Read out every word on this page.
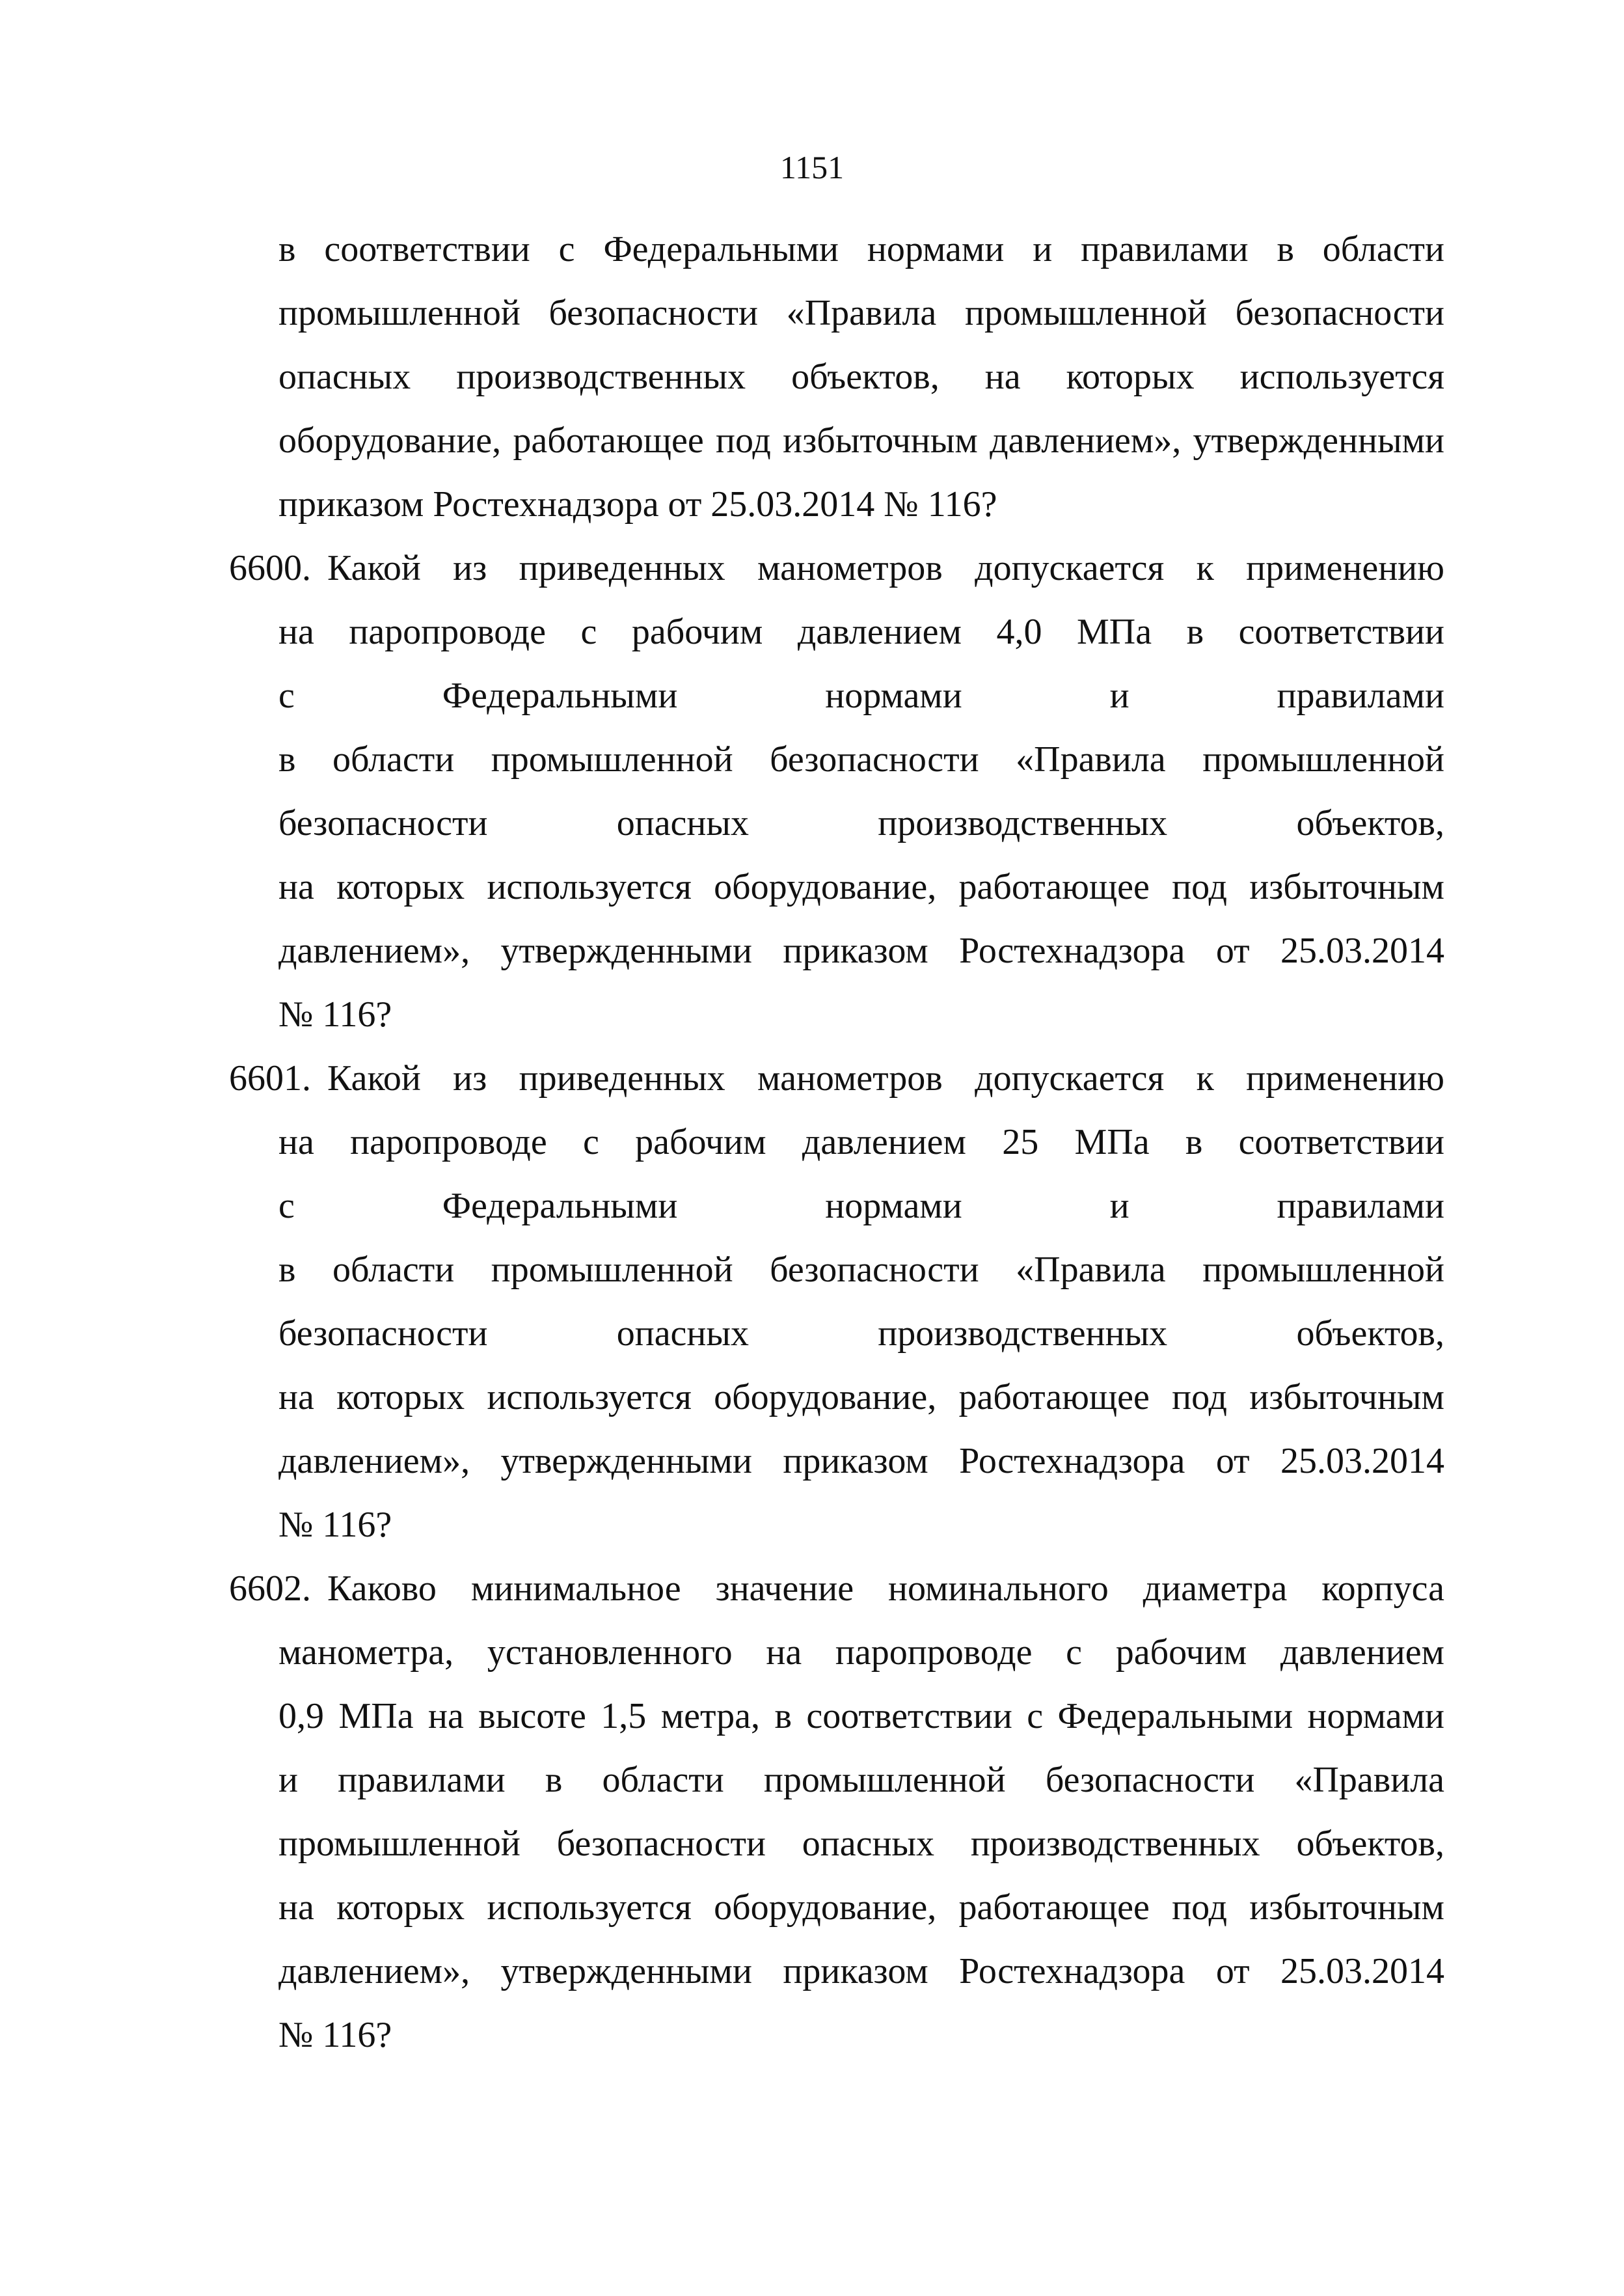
1151
в соответствии с Федеральными нормами и правилами в области
промышленной безопасности «Правила промышленной безопасности
опасных производственных объектов, на которых используется
оборудование, работающее под избыточным давлением», утвержденными
приказом Ростехнадзора от 25.03.2014 № 116?
6600. Какой из приведенных манометров допускается к применению
на паропроводе с рабочим давлением 4,0 МПа в соответствии
с Федеральными нормами и правилами
в области промышленной безопасности «Правила промышленной
безопасности опасных производственных объектов,
на которых используется оборудование, работающее под избыточным
давлением», утвержденными приказом Ростехнадзора от 25.03.2014
№ 116?
6601. Какой из приведенных манометров допускается к применению
на паропроводе с рабочим давлением 25 МПа в соответствии
с Федеральными нормами и правилами
в области промышленной безопасности «Правила промышленной
безопасности опасных производственных объектов,
на которых используется оборудование, работающее под избыточным
давлением», утвержденными приказом Ростехнадзора от 25.03.2014
№ 116?
6602. Каково минимальное значение номинального диаметра корпуса
манометра, установленного на паропроводе с рабочим давлением
0,9 МПа на высоте 1,5 метра, в соответствии с Федеральными нормами
и правилами в области промышленной безопасности «Правила
промышленной безопасности опасных производственных объектов,
на которых используется оборудование, работающее под избыточным
давлением», утвержденными приказом Ростехнадзора от 25.03.2014
№ 116?
